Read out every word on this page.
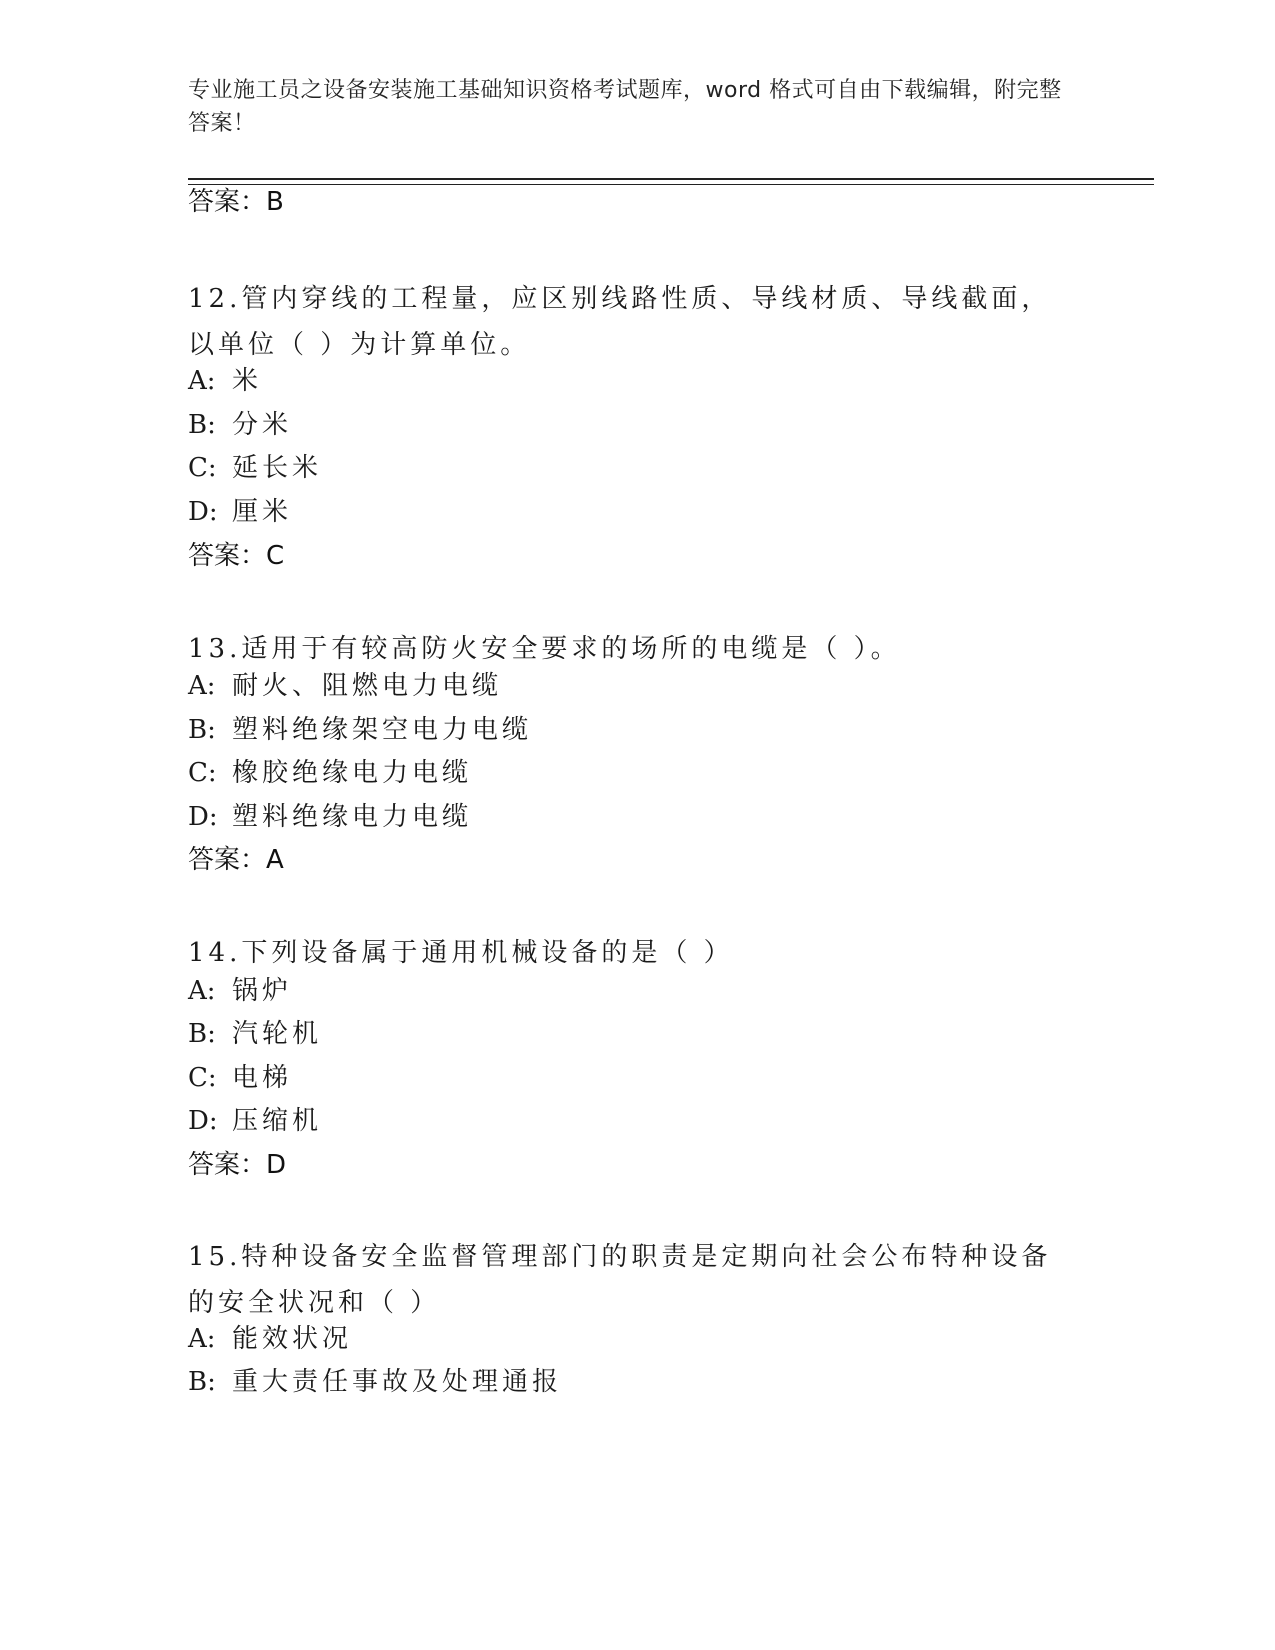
专业施工员之设备安装施工基础知识资格考试题库，word 格式可自由下载编辑，附完整答案！
答案：B
12.管内穿线的工程量，应区别线路性质、导线材质、导线截面，以单位（ ）为计算单位。
A: 米
B: 分米
C: 延长米
D: 厘米
答案：C
13.适用于有较高防火安全要求的场所的电缆是（ ）。
A: 耐火、阻燃电力电缆
B: 塑料绝缘架空电力电缆
C: 橡胶绝缘电力电缆
D: 塑料绝缘电力电缆
答案：A
14.下列设备属于通用机械设备的是（ ）
A: 锅炉
B: 汽轮机
C: 电梯
D: 压缩机
答案：D
15.特种设备安全监督管理部门的职责是定期向社会公布特种设备的安全状况和（ ）
A: 能效状况
B: 重大责任事故及处理通报
